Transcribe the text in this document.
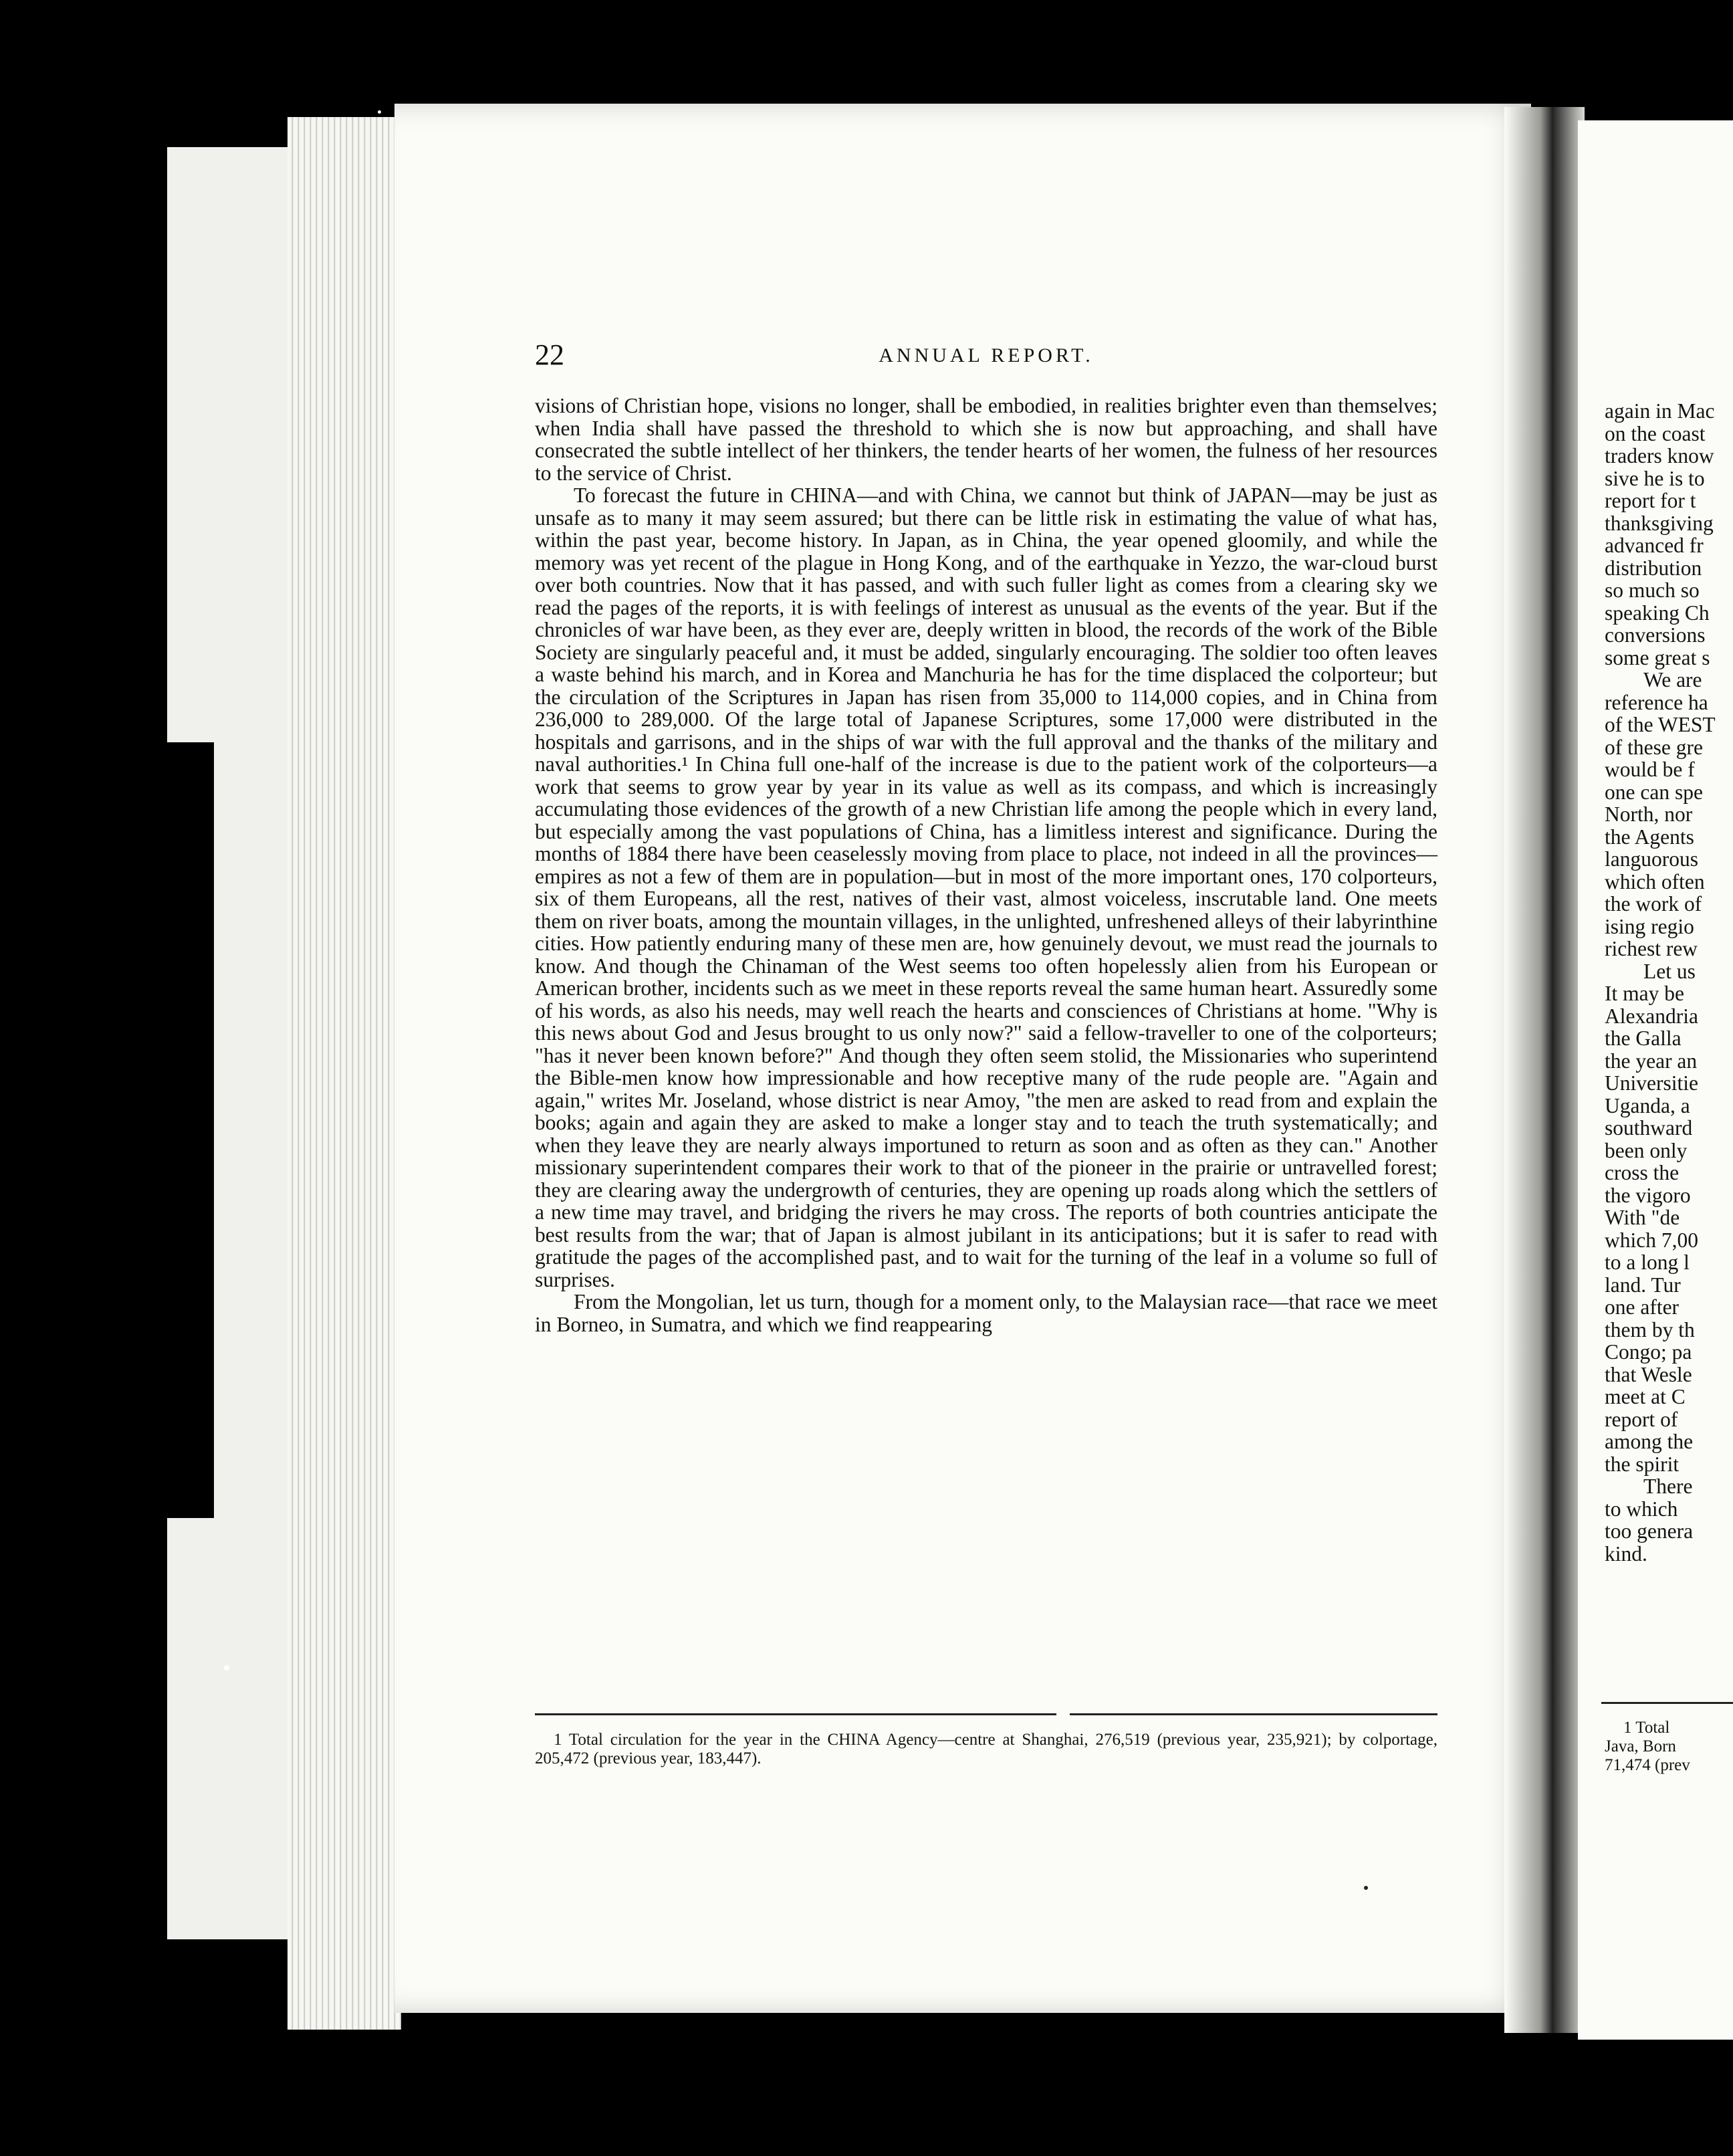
22	ANNUAL REPORT.

visions of Christian hope, visions no longer, shall be embodied, in realities brighter even than themselves; when India shall have passed the threshold to which she is now but approaching, and shall have consecrated the subtle intellect of her thinkers, the tender hearts of her women, the fulness of her resources to the service of Christ.

To forecast the future in CHINA—and with China, we cannot but think of JAPAN—may be just as unsafe as to many it may seem assured; but there can be little risk in estimating the value of what has, within the past year, become history. In Japan, as in China, the year opened gloomily, and while the memory was yet recent of the plague in Hong Kong, and of the earthquake in Yezzo, the war-cloud burst over both countries. Now that it has passed, and with such fuller light as comes from a clearing sky we read the pages of the reports, it is with feelings of interest as unusual as the events of the year. But if the chronicles of war have been, as they ever are, deeply written in blood, the records of the work of the Bible Society are singularly peaceful and, it must be added, singularly encouraging. The soldier too often leaves a waste behind his march, and in Korea and Manchuria he has for the time displaced the colporteur; but the circulation of the Scriptures in Japan has risen from 35,000 to 114,000 copies, and in China from 236,000 to 289,000. Of the large total of Japanese Scriptures, some 17,000 were distributed in the hospitals and garrisons, and in the ships of war with the full approval and the thanks of the military and naval authorities.¹ In China full one-half of the increase is due to the patient work of the colporteurs—a work that seems to grow year by year in its value as well as its compass, and which is increasingly accumulating those evidences of the growth of a new Christian life among the people which in every land, but especially among the vast populations of China, has a limitless interest and significance. During the months of 1884 there have been ceaselessly moving from place to place, not indeed in all the provinces—empires as not a few of them are in population—but in most of the more important ones, 170 colporteurs, six of them Europeans, all the rest, natives of their vast, almost voiceless, inscrutable land. One meets them on river boats, among the mountain villages, in the unlighted, unfreshened alleys of their labyrinthine cities. How patiently enduring many of these men are, how genuinely devout, we must read the journals to know. And though the Chinaman of the West seems too often hopelessly alien from his European or American brother, incidents such as we meet in these reports reveal the same human heart. Assuredly some of his words, as also his needs, may well reach the hearts and consciences of Christians at home. "Why is this news about God and Jesus brought to us only now?" said a fellow-traveller to one of the colporteurs; "has it never been known before?" And though they often seem stolid, the Missionaries who superintend the Bible-men know how impressionable and how receptive many of the rude people are. "Again and again," writes Mr. Joseland, whose district is near Amoy, "the men are asked to read from and explain the books; again and again they are asked to make a longer stay and to teach the truth systematically; and when they leave they are nearly always importuned to return as soon and as often as they can." Another missionary superintendent compares their work to that of the pioneer in the prairie or untravelled forest; they are clearing away the undergrowth of centuries, they are opening up roads along which the settlers of a new time may travel, and bridging the rivers he may cross. The reports of both countries anticipate the best results from the war; that of Japan is almost jubilant in its anticipations; but it is safer to read with gratitude the pages of the accomplished past, and to wait for the turning of the leaf in a volume so full of surprises.

From the Mongolian, let us turn, though for a moment only, to the Malaysian race—that race we meet in Borneo, in Sumatra, and which we find reappearing

1 Total circulation for the year in the CHINA Agency—centre at Shanghai, 276,519 (previous year, 235,921); by colportage, 205,472 (previous year, 183,447).
again in Mac
on the coast
traders know
sive he is to
report for t
thanksgiving
advanced fr
distribution
so much so
speaking Ch
conversions
some great s
We are
reference ha
of the WEST
of these gre
would be f
one can spe
North, nor
the Agents
languorous
which often
the work of
ising regio
richest rew
Let us
It may be
Alexandria
the Galla
the year an
Universitie
Uganda, a
southward
been only
cross the
the vigoro
With "de
which 7,00
to a long l
land. Tur
one after
them by th
Congo; pa
that Wesle
meet at C
report of
among the
the spirit
There
to which
too genera
kind.
1 Total
Java, Born
71,474 (prev
